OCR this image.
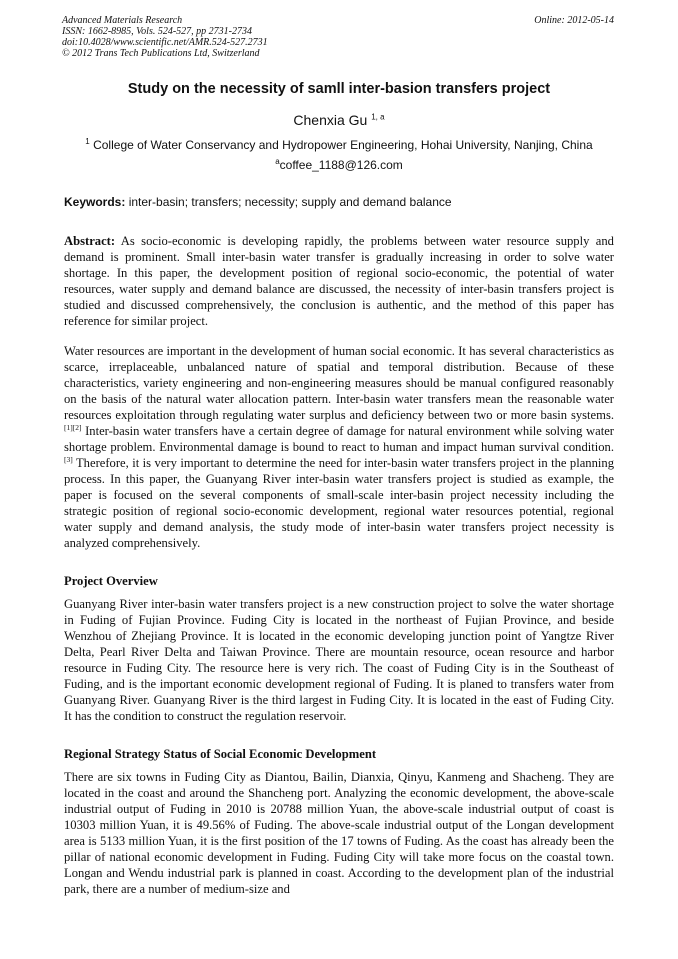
Advanced Materials Research
ISSN: 1662-8985, Vols. 524-527, pp 2731-2734
doi:10.4028/www.scientific.net/AMR.524-527.2731
© 2012 Trans Tech Publications Ltd, Switzerland
Online: 2012-05-14
Study on the necessity of samll inter-basion transfers project
Chenxia Gu $^{1, a}$
$^1$ College of Water Conservancy and Hydropower Engineering, Hohai University, Nanjing, China
$^a$coffee_1188@126.com
Keywords: inter-basin; transfers; necessity; supply and demand balance

Abstract: As socio-economic is developing rapidly, the problems between water resource supply and demand is prominent. Small inter-basin water transfer is gradually increasing in order to solve water shortage. In this paper, the development position of regional socio-economic, the potential of water resources, water supply and demand balance are discussed, the necessity of inter-basin transfers project is studied and discussed comprehensively, the conclusion is authentic, and the method of this paper has reference for similar project.

Water resources are important in the development of human social economic. It has several characteristics as scarce, irreplaceable, unbalanced nature of spatial and temporal distribution. Because of these characteristics, variety engineering and non-engineering measures should be manual configured reasonably on the basis of the natural water allocation pattern. Inter-basin water transfers mean the reasonable water resources exploitation through regulating water surplus and deficiency between two or more basin systems. [1][2] Inter-basin water transfers have a certain degree of damage for natural environment while solving water shortage problem. Environmental damage is bound to react to human and impact human survival condition. [3] Therefore, it is very important to determine the need for inter-basin water transfers project in the planning process. In this paper, the Guanyang River inter-basin water transfers project is studied as example, the paper is focused on the several components of small-scale inter-basin project necessity including the strategic position of regional socio-economic development, regional water resources potential, regional water supply and demand analysis, the study mode of inter-basin water transfers project necessity is analyzed comprehensively.

Project Overview

Guanyang River inter-basin water transfers project is a new construction project to solve the water shortage in Fuding of Fujian Province. Fuding City is located in the northeast of Fujian Province, and beside Wenzhou of Zhejiang Province. It is located in the economic developing junction point of Yangtze River Delta, Pearl River Delta and Taiwan Province. There are mountain resource, ocean resource and harbor resource in Fuding City. The resource here is very rich. The coast of Fuding City is in the Southeast of Fuding, and is the important economic development regional of Fuding. It is planed to transfers water from Guanyang River. Guanyang River is the third largest in Fuding City. It is located in the east of Fuding City. It has the condition to construct the regulation reservoir.

Regional Strategy Status of Social Economic Development

There are six towns in Fuding City as Diantou, Bailin, Dianxia, Qinyu, Kanmeng and Shacheng. They are located in the coast and around the Shancheng port. Analyzing the economic development, the above-scale industrial output of Fuding in 2010 is 20788 million Yuan, the above-scale industrial output of coast is 10303 million Yuan, it is 49.56% of Fuding. The above-scale industrial output of the Longan development area is 5133 million Yuan, it is the first position of the 17 towns of Fuding. As the coast has already been the pillar of national economic development in Fuding. Fuding City will take more focus on the coastal town. Longan and Wendu industrial park is planned in coast. According to the development plan of the industrial park, there are a number of medium-size and
